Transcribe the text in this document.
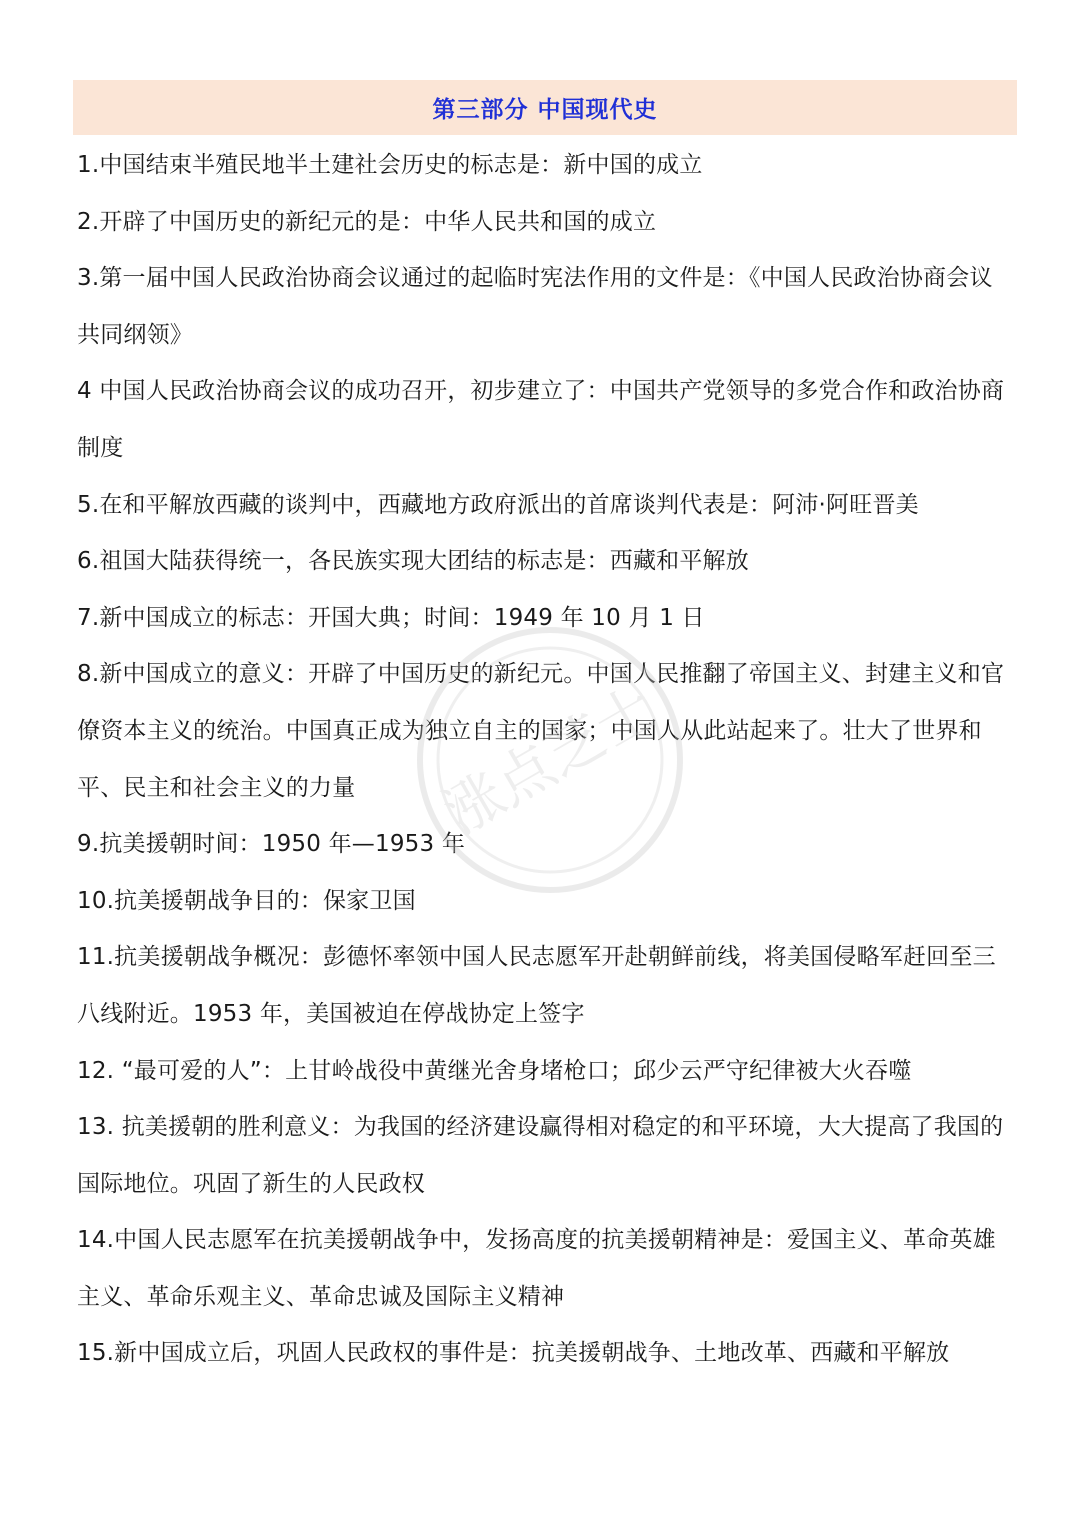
第三部分 中国现代史

1.中国结束半殖民地半土建社会历史的标志是：新中国的成立

2.开辟了中国历史的新纪元的是：中华人民共和国的成立

3.第一届中国人民政治协商会议通过的起临时宪法作用的文件是：《中国人民政治协商会议共同纲领》

4 中国人民政治协商会议的成功召开，初步建立了：中国共产党领导的多党合作和政治协商制度

5.在和平解放西藏的谈判中，西藏地方政府派出的首席谈判代表是：阿沛·阿旺晋美

6.祖国大陆获得统一，各民族实现大团结的标志是：西藏和平解放

7.新中国成立的标志：开国大典；时间：1949 年 10 月 1 日

8.新中国成立的意义：开辟了中国历史的新纪元。中国人民推翻了帝国主义、封建主义和官僚资本主义的统治。中国真正成为独立自主的国家；中国人从此站起来了。壮大了世界和平、民主和社会主义的力量

9.抗美援朝时间：1950 年—1953 年

10.抗美援朝战争目的：保家卫国

11.抗美援朝战争概况：彭德怀率领中国人民志愿军开赴朝鲜前线，将美国侵略军赶回至三八线附近。1953 年，美国被迫在停战协定上签字

12. “最可爱的人”：上甘岭战役中黄继光舍身堵枪口；邱少云严守纪律被大火吞噬

13. 抗美援朝的胜利意义：为我国的经济建设赢得相对稳定的和平环境，大大提高了我国的国际地位。巩固了新生的人民政权

14.中国人民志愿军在抗美援朝战争中，发扬高度的抗美援朝精神是：爱国主义、革命英雄主义、革命乐观主义、革命忠诚及国际主义精神

15.新中国成立后，巩固人民政权的事件是：抗美援朝战争、土地改革、西藏和平解放

涨点芝士
